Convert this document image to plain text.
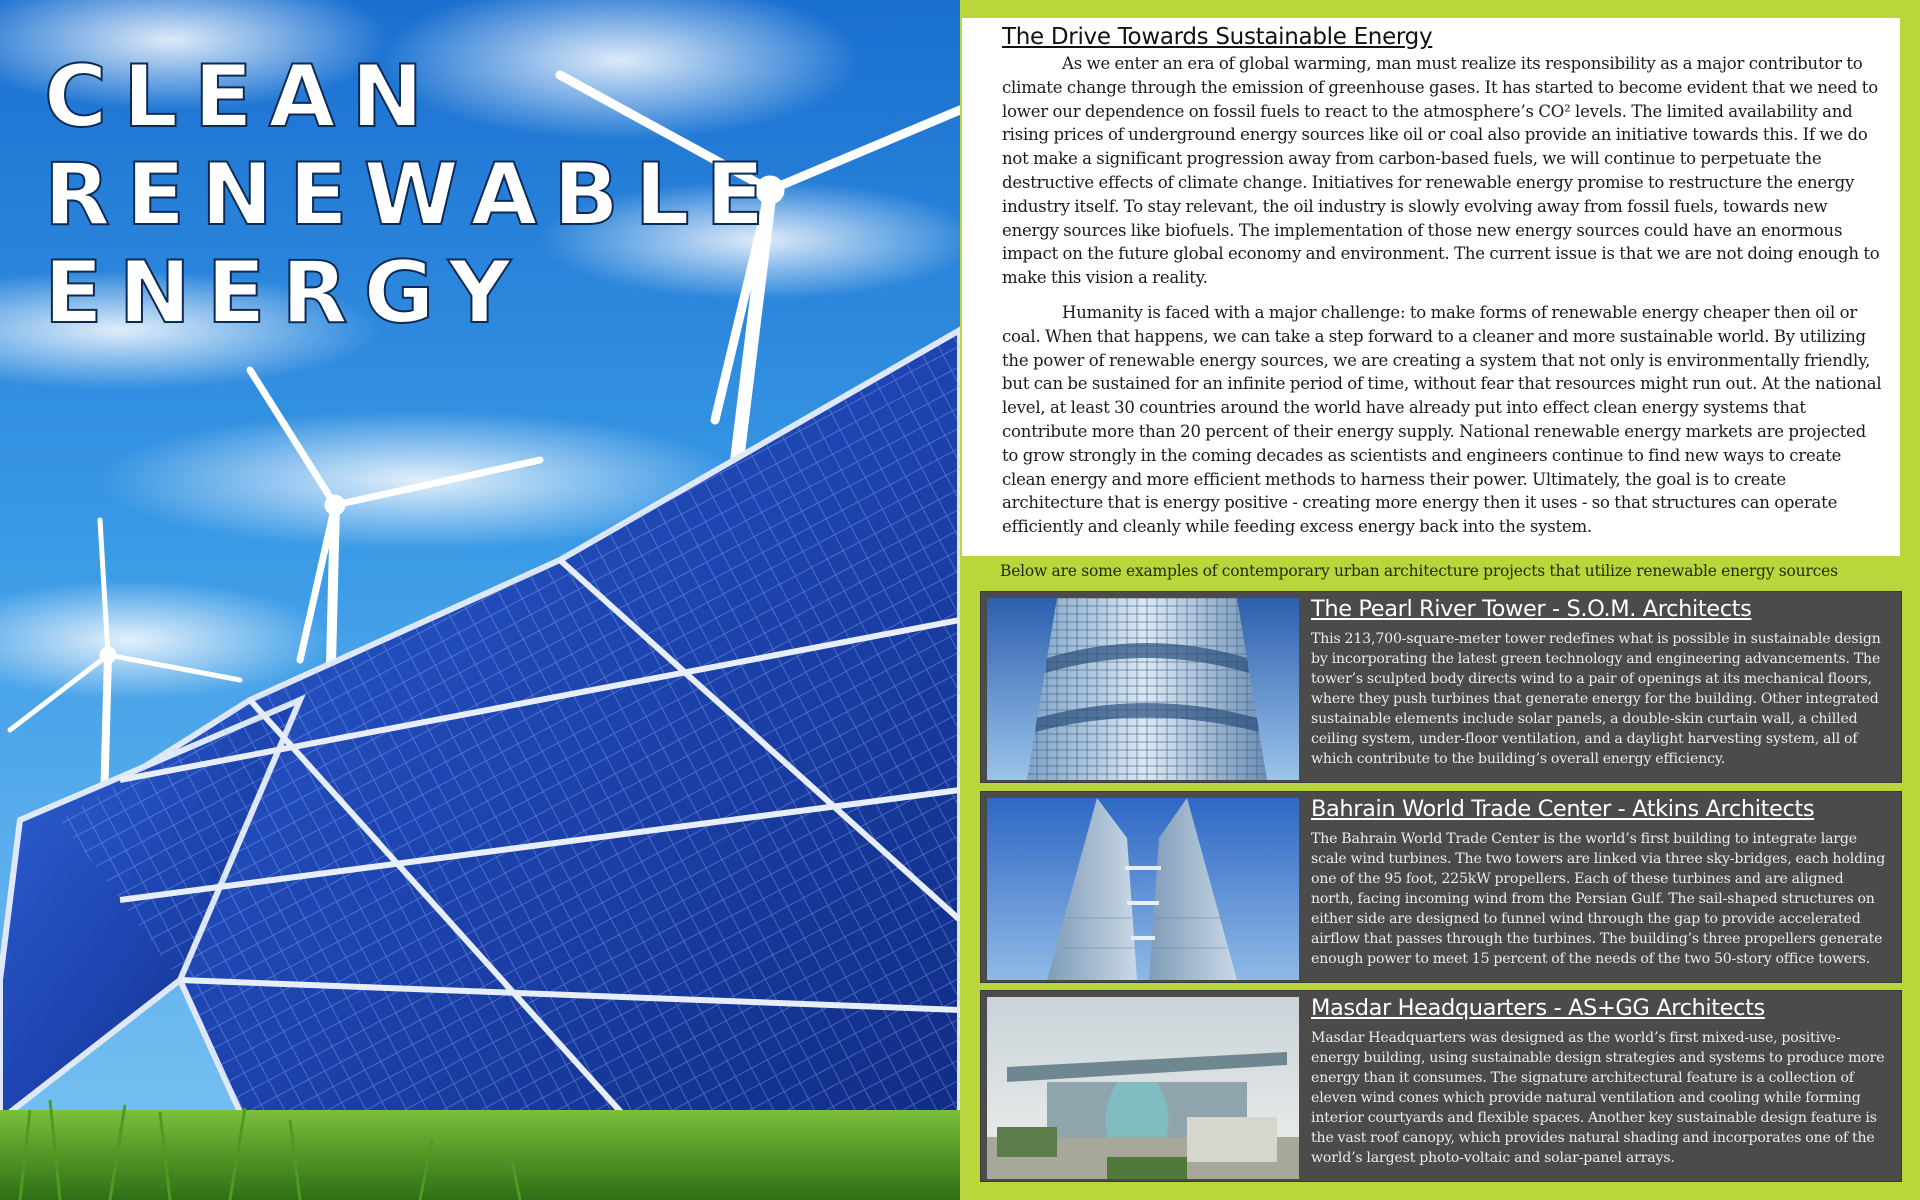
CLEAN
RENEWABLE
ENERGY
The Drive Towards Sustainable Energy

As we enter an era of global warming, man must realize its responsibility as a major contributor to climate change through the emission of greenhouse gases. It has started to become evident that we need to lower our dependence on fossil fuels to react to the atmosphere’s CO² levels. The limited availability and rising prices of underground energy sources like oil or coal also provide an initiative towards this. If we do not make a significant progression away from carbon-based fuels, we will continue to perpetuate the destructive effects of climate change. Initiatives for renewable energy promise to restructure the energy industry itself. To stay relevant, the oil industry is slowly evolving away from fossil fuels, towards new energy sources like biofuels. The implementation of those new energy sources could have an enormous impact on the future global economy and environment. The current issue is that we are not doing enough to make this vision a reality.

Humanity is faced with a major challenge: to make forms of renewable energy cheaper then oil or coal. When that happens, we can take a step forward to a cleaner and more sustainable world. By utilizing the power of renewable energy sources, we are creating a system that not only is environmentally friendly, but can be sustained for an infinite period of time, without fear that resources might run out. At the national level, at least 30 countries around the world have already put into effect clean energy systems that contribute more than 20 percent of their energy supply. National renewable energy markets are projected to grow strongly in the coming decades as scientists and engineers continue to find new ways to create clean energy and more efficient methods to harness their power. Ultimately, the goal is to create architecture that is energy positive - creating more energy then it uses - so that structures can operate efficiently and cleanly while feeding excess energy back into the system.

Below are some examples of contemporary urban architecture projects that utilize renewable energy sources

The Pearl River Tower - S.O.M. Architects

This 213,700-square-meter tower redefines what is possible in sustainable design by incorporating the latest green technology and engineering advancements. The tower’s sculpted body directs wind to a pair of openings at its mechanical floors, where they push turbines that generate energy for the building. Other integrated sustainable elements include solar panels, a double-skin curtain wall, a chilled ceiling system, under-floor ventilation, and a daylight harvesting system, all of which contribute to the building’s overall energy efficiency.

Bahrain World Trade Center - Atkins Architects

The Bahrain World Trade Center is the world’s first building to integrate large scale wind turbines. The two towers are linked via three sky-bridges, each holding one of the 95 foot, 225kW propellers. Each of these turbines and are aligned north, facing incoming wind from the Persian Gulf. The sail-shaped structures on either side are designed to funnel wind through the gap to provide accelerated airflow that passes through the turbines. The building’s three propellers generate enough power to meet 15 percent of the needs of the two 50-story office towers.

Masdar Headquarters - AS+GG Architects

Masdar Headquarters was designed as the world’s first mixed-use, positive-energy building, using sustainable design strategies and systems to produce more energy than it consumes. The signature architectural feature is a collection of eleven wind cones which provide natural ventilation and cooling while forming interior courtyards and flexible spaces. Another key sustainable design feature is the vast roof canopy, which provides natural shading and incorporates one of the world’s largest photo-voltaic and solar-panel arrays.
